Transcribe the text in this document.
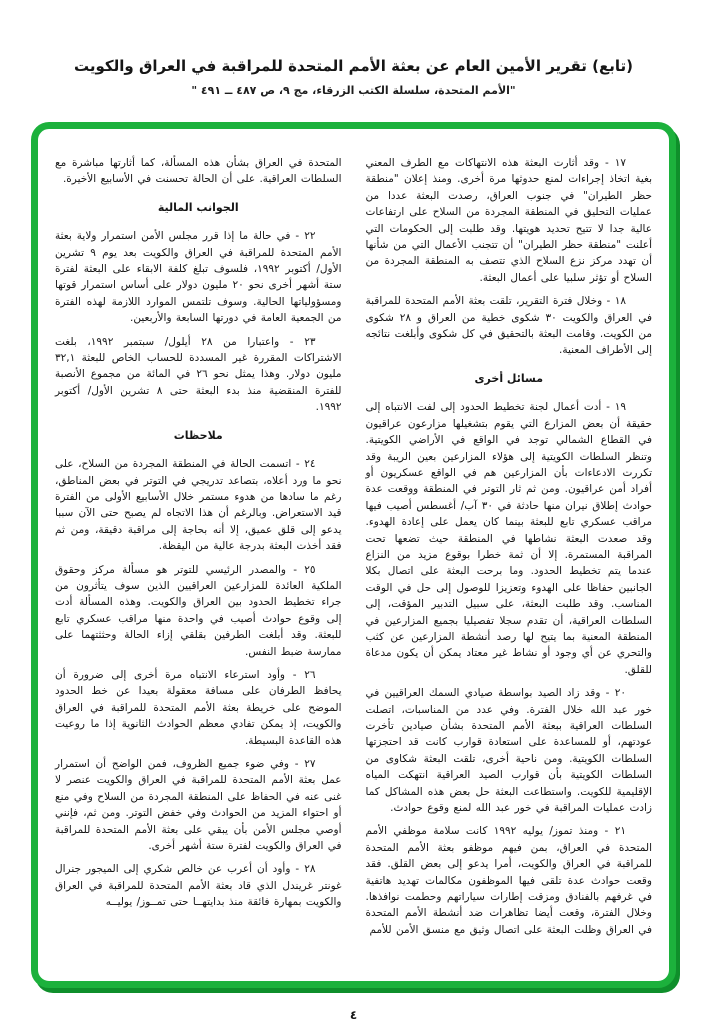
(تابع) تقرير الأمين العام عن بعثة الأمم المتحدة للمراقبة في العراق والكويت
"الأمم المتحدة، سلسلة الكتب الزرقاء، مج ٩، ص ٤٨٧ ــ ٤٩١ "

١٧ - وقد أثارت البعثة هذه الانتهاكات مع الطرف المعني بغية اتخاذ إجراءات لمنع حدوثها مرة أخرى. ومنذ إعلان "منطقة حظر الطيران" في جنوب العراق، رصدت البعثة عددا من عمليات التحليق في المنطقة المجردة من السلاح على ارتفاعات عالية جدا لا تتيح تحديد هويتها. وقد طلبت إلى الحكومات التي أعلنت "منطقة حظر الطيران" أن تتجنب الأعمال التي من شأنها أن تهدد مركز نزع السلاح الذي تتصف به المنطقة المجردة من السلاح أو تؤثر سلبيا على أعمال البعثة.

١٨ - وخلال فترة التقرير، تلقت بعثة الأمم المتحدة للمراقبة في العراق والكويت ٣٠ شكوى خطية من العراق و ٢٨ شكوى من الكويت. وقامت البعثة بالتحقيق في كل شكوى وأبلغت نتائجه إلى الأطراف المعنية.

مسائل أخرى

١٩ - أدت أعمال لجنة تخطيط الحدود إلى لفت الانتباه إلى حقيقة أن بعض المزارع التي يقوم بتشغيلها مزارعون عراقيون في القطاع الشمالي توجد في الواقع في الأراضي الكويتية. وتنظر السلطات الكويتية إلى هؤلاء المزارعين بعين الريبة وقد تكررت الادعاءات بأن المزارعين هم في الواقع عسكريون أو أفراد أمن عراقيون. ومن ثم ثار التوتر في المنطقة ووقعت عدة حوادث إطلاق نيران منها حادثة في ٣٠ آب/ أغسطس أصيب فيها مراقب عسكري تابع للبعثة بينما كان يعمل على إعادة الهدوء. وقد صعدت البعثة نشاطها في المنطقة حيث تضعها تحت المراقبة المستمرة. إلا أن ثمة خطرا بوقوع مزيد من النزاع عندما يتم تخطيط الحدود. وما برحت البعثة على اتصال بكلا الجانبين حفاظا على الهدوء وتعزيزا للوصول إلى حل في الوقت المناسب. وقد طلبت البعثة، على سبيل التدبير المؤقت، إلى السلطات العراقية، أن تقدم سجلا تفصيليا بجميع المزارعين في المنطقة المعنية بما يتيح لها رصد أنشطة المزارعين عن كثب والتحري عن أي وجود أو نشاط غير معتاد يمكن أن يكون مدعاة للقلق.

٢٠ - وقد زاد الصيد بواسطة صيادي السمك العراقيين في خور عبد الله خلال الفترة. وفي عدد من المناسبات، اتصلت السلطات العراقية ببعثة الأمم المتحدة بشأن صيادين تأخرت عودتهم، أو للمساعدة على استعادة قوارب كانت قد احتجزتها السلطات الكويتية. ومن ناحية أخرى، تلقت البعثة شكاوى من السلطات الكويتية بأن قوارب الصيد العراقية انتهكت المياه الإقليمية للكويت. واستطاعت البعثة حل بعض هذه المشاكل كما زادت عمليات المراقبة في خور عبد الله لمنع وقوع حوادث.

٢١ - ومنذ تموز/ يوليه ١٩٩٢ كانت سلامة موظفي الأمم المتحدة في العراق، بمن فيهم موظفو بعثة الأمم المتحدة للمراقبة في العراق والكويت، أمرا يدعو إلى بعض القلق. فقد وقعت حوادث عدة تلقى فيها الموظفون مكالمات تهديد هاتفية في غرفهم بالفنادق ومزقت إطارات سياراتهم وحطمت نوافذها. وخلال الفترة، وقعت أيضا تظاهرات ضد أنشطة الأمم المتحدة في العراق وظلت البعثة على اتصال وثيق مع منسق الأمن للأمم

المتحدة في العراق بشأن هذه المسألة، كما أثارتها مباشرة مع السلطات العراقية. على أن الحالة تحسنت في الأسابيع الأخيرة.

الجوانب المالية

٢٢ - في حالة ما إذا قرر مجلس الأمن استمرار ولاية بعثة الأمم المتحدة للمراقبة في العراق والكويت بعد يوم ٩ تشرين الأول/ أكتوبر ١٩٩٢، فلسوف تبلغ كلفة الابقاء على البعثة لفترة ستة أشهر أخرى نحو ٢٠ مليون دولار على أساس استمرار قوتها ومسؤولياتها الحالية. وسوف تلتمس الموارد اللازمة لهذه الفترة من الجمعية العامة في دورتها السابعة والأربعين.

٢٣ - واعتبارا من ٢٨ أيلول/ سبتمبر ١٩٩٢، بلغت الاشتراكات المقررة غير المسددة للحساب الخاص للبعثة ٣٢,١ مليون دولار. وهذا يمثل نحو ٢٦ في المائة من مجموع الأنصبة للفترة المنقضية منذ بدء البعثة حتى ٨ تشرين الأول/ أكتوبر ١٩٩٢.

ملاحظات

٢٤ - اتسمت الحالة في المنطقة المجردة من السلاح، على نحو ما ورد أعلاه، بتصاعد تدريجي في التوتر في بعض المناطق، رغم ما سادها من هدوء مستمر خلال الأسابيع الأولى من الفترة قيد الاستعراض. وبالرغم أن هذا الاتجاه لم يصبح حتى الآن سببا يدعو إلى قلق عميق، إلا أنه بحاجة إلى مراقبة دقيقة، ومن ثم فقد أخذت البعثة بدرجة عالية من اليقظة.

٢٥ - والمصدر الرئيسي للتوتر هو مسألة مركز وحقوق الملكية العائدة للمزارعين العراقيين الذين سوف يتأثرون من جراء تخطيط الحدود بين العراق والكويت. وهذه المسألة أدت إلى وقوع حوادث أصيب في واحدة منها مراقب عسكري تابع للبعثة. وقد أبلغت الطرفين بقلقي إزاء الحالة وحثثتهما على ممارسة ضبط النفس.

٢٦ - وأود استرعاء الانتباه مرة أخرى إلى ضرورة أن يحافظ الطرفان على مسافة معقولة بعيدا عن خط الحدود الموضح على خريطة بعثة الأمم المتحدة للمراقبة في العراق والكويت، إذ يمكن تفادي معظم الحوادث الثانوية إذا ما روعيت هذه القاعدة البسيطة.

٢٧ - وفي ضوء جميع الظروف، فمن الواضح أن استمرار عمل بعثة الأمم المتحدة للمراقبة في العراق والكويت عنصر لا غنى عنه في الحفاظ على المنطقة المجردة من السلاح وفي منع أو احتواء المزيد من الحوادث وفي خفض التوتر. ومن ثم، فإنني أوصي مجلس الأمن بأن يبقي على بعثة الأمم المتحدة للمراقبة في العراق والكويت لفترة ستة أشهر أخرى.

٢٨ - وأود أن أعرب عن خالص شكري إلى الميجور جنرال غونتر غريندل الذي قاد بعثة الأمم المتحدة للمراقبة في العراق والكويت بمهارة فائقة منذ بدايتهــا حتى تمــوز/ يوليــه

٤
